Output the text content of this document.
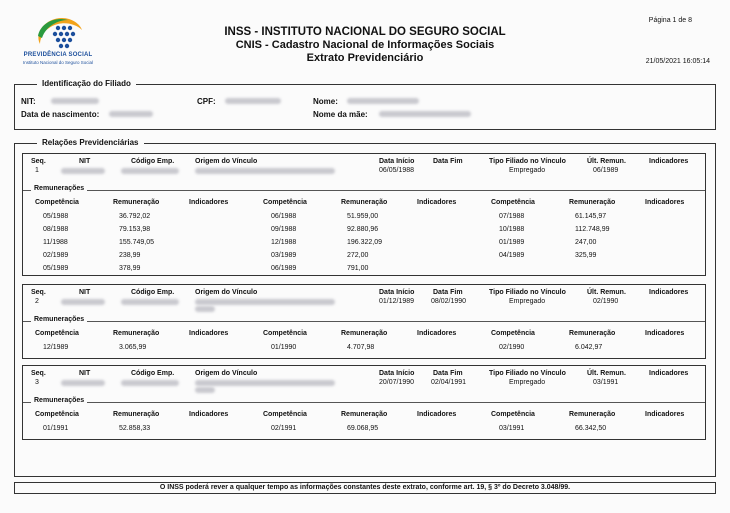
PREVIDÊNCIA SOCIAL
Instituto Nacional do Seguro Social
INSS - INSTITUTO NACIONAL DO SEGURO SOCIAL
CNIS - Cadastro Nacional de Informações Sociais
Extrato Previdenciário
Página 1 de 8
21/05/2021 16:05:14
Identificação do Filiado
NIT:	CPF:	Nome:
Data de nascimento:	Nome da mãe:
Relações Previdenciárias
Seq.	NIT	Código Emp.	Origem do Vínculo	Data Início	Data Fim	Tipo Filiado no Vínculo	Últ. Remun.	Indicadores
1	06/05/1988	Empregado	06/1989
Remunerações
Competência	Remuneração	Indicadores	Competência	Remuneração	Indicadores	Competência	Remuneração	Indicadores
05/1988	36.792,02	06/1988	51.959,00	07/1988	61.145,97
08/1988	79.153,98	09/1988	92.880,96	10/1988	112.748,99
11/1988	155.749,05	12/1988	196.322,09	01/1989	247,00
02/1989	238,99	03/1989	272,00	04/1989	325,99
05/1989	378,99	06/1989	791,00
Seq.	NIT	Código Emp.	Origem do Vínculo	Data Início	Data Fim	Tipo Filiado no Vínculo	Últ. Remun.	Indicadores
2	01/12/1989 08/02/1990	Empregado	02/1990
Remunerações
Competência	Remuneração	Indicadores	Competência	Remuneração	Indicadores	Competência	Remuneração	Indicadores
12/1989	3.065,99	01/1990	4.707,98	02/1990	6.042,97
Seq.	NIT	Código Emp.	Origem do Vínculo	Data Início	Data Fim	Tipo Filiado no Vínculo	Últ. Remun.	Indicadores
3	20/07/1990 02/04/1991	Empregado	03/1991
Remunerações
Competência	Remuneração	Indicadores	Competência	Remuneração	Indicadores	Competência	Remuneração	Indicadores
01/1991	52.858,33	02/1991	69.068,95	03/1991	66.342,50
O INSS poderá rever a qualquer tempo as informações constantes deste extrato, conforme art. 19, § 3º do Decreto 3.048/99.
